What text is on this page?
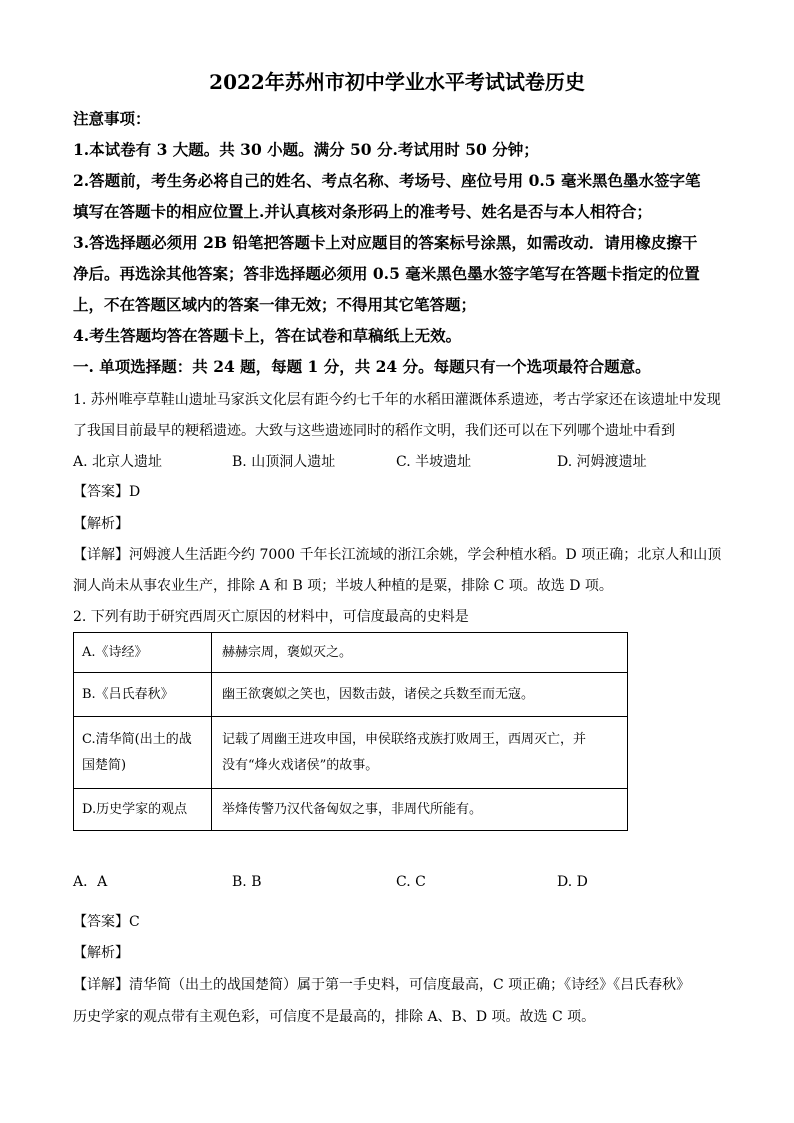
2022年苏州市初中学业水平考试试卷历史
注意事项：
1.本试卷有 3 大题。共 30 小题。满分 50 分.考试用时 50 分钟；
2.答题前，考生务必将自己的姓名、考点名称、考场号、座位号用 0.5 毫米黑色墨水签字笔
填写在答题卡的相应位置上.并认真核对条形码上的准考号、姓名是否与本人相符合；
3.答选择题必须用 2B 铅笔把答题卡上对应题目的答案标号涂黑，如需改动．请用橡皮擦干
净后。再选涂其他答案；答非选择题必须用 0.5 毫米黑色墨水签字笔写在答题卡指定的位置
上，不在答题区域内的答案一律无效；不得用其它笔答题；
4.考生答题均答在答题卡上，答在试卷和草稿纸上无效。
一. 单项选择题：共 24 题，每题 1 分，共 24 分。每题只有一个选项最符合题意。
1. 苏州唯亭草鞋山遗址马家浜文化层有距今约七千年的水稻田灌溉体系遗迹，考古学家还在该遗址中发现
了我国目前最早的粳稻遗迹。大致与这些遗迹同时的稻作文明，我们还可以在下列哪个遗址中看到
A. 北京人遗址	B. 山顶洞人遗址	C. 半坡遗址	D. 河姆渡遗址
【答案】D
【解析】
【详解】河姆渡人生活距今约 7000 千年长江流域的浙江余姚，学会种植水稻。D 项正确；北京人和山顶
洞人尚未从事农业生产，排除 A 和 B 项；半坡人种植的是粟，排除 C 项。故选 D 项。
2. 下列有助于研究西周灭亡原因的材料中，可信度最高的史料是
A.《诗经》	赫赫宗周，褒姒灭之。
B.《吕氏春秋》	幽王欲褒姒之笑也，因数击鼓，诸侯之兵数至而无寇。
C.清华简(出土的战
国楚简)	记载了周幽王进攻申国，申侯联络戎族打败周王，西周灭亡，并
没有“烽火戏诸侯”的故事。
D.历史学家的观点	举烽传警乃汉代备匈奴之事，非周代所能有。
A．A	B. B	C. C	D. D
【答案】C
【解析】
【详解】清华简（出土的战国楚简）属于第一手史料，可信度最高，C 项正确；《诗经》《吕氏春秋》
历史学家的观点带有主观色彩，可信度不是最高的，排除 A、B、D 项。故选 C 项。
